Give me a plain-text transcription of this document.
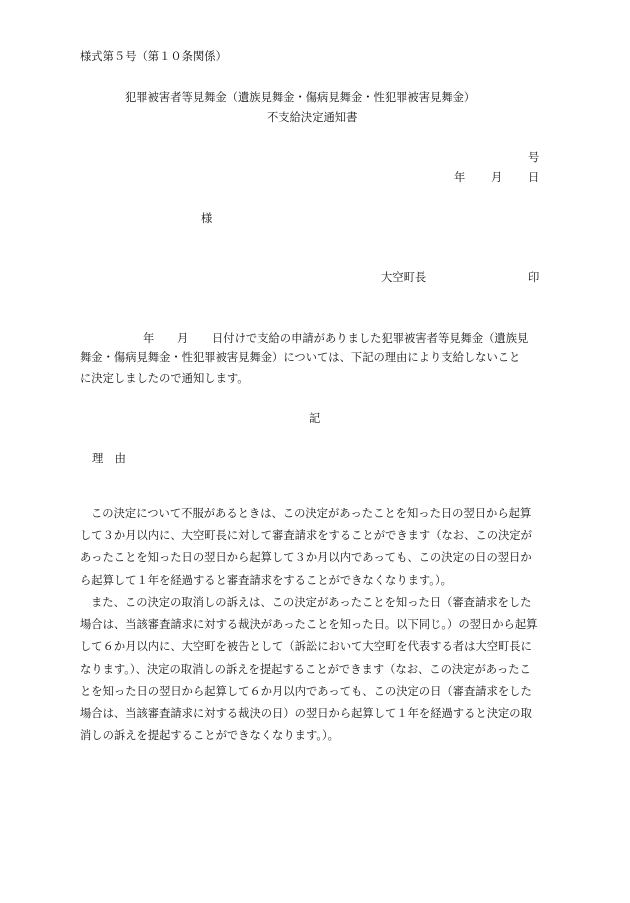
様式第５号（第１０条関係）
犯罪被害者等見舞金（遺族見舞金・傷病見舞金・性犯罪被害見舞金）
不支給決定通知書
号
年 月 日
様
大空町長	印
年 月 日付けで支給の申請がありました犯罪被害者等見舞金（遺族見
舞金・傷病見舞金・性犯罪被害見舞金）については、下記の理由により支給しないこと
に決定しましたので通知します。
記
理　由
この決定について不服があるときは、この決定があったことを知った日の翌日から起算
して３か月以内に、大空町長に対して審査請求をすることができます（なお、この決定が
あったことを知った日の翌日から起算して３か月以内であっても、この決定の日の翌日か
ら起算して１年を経過すると審査請求をすることができなくなります。）。
また、この決定の取消しの訴えは、この決定があったことを知った日（審査請求をした
場合は、当該審査請求に対する裁決があったことを知った日。以下同じ。）の翌日から起算
して６か月以内に、大空町を被告として（訴訟において大空町を代表する者は大空町長に
なります。）、決定の取消しの訴えを提起することができます（なお、この決定があったこ
とを知った日の翌日から起算して６か月以内であっても、この決定の日（審査請求をした
場合は、当該審査請求に対する裁決の日）の翌日から起算して１年を経過すると決定の取
消しの訴えを提起することができなくなります。）。
